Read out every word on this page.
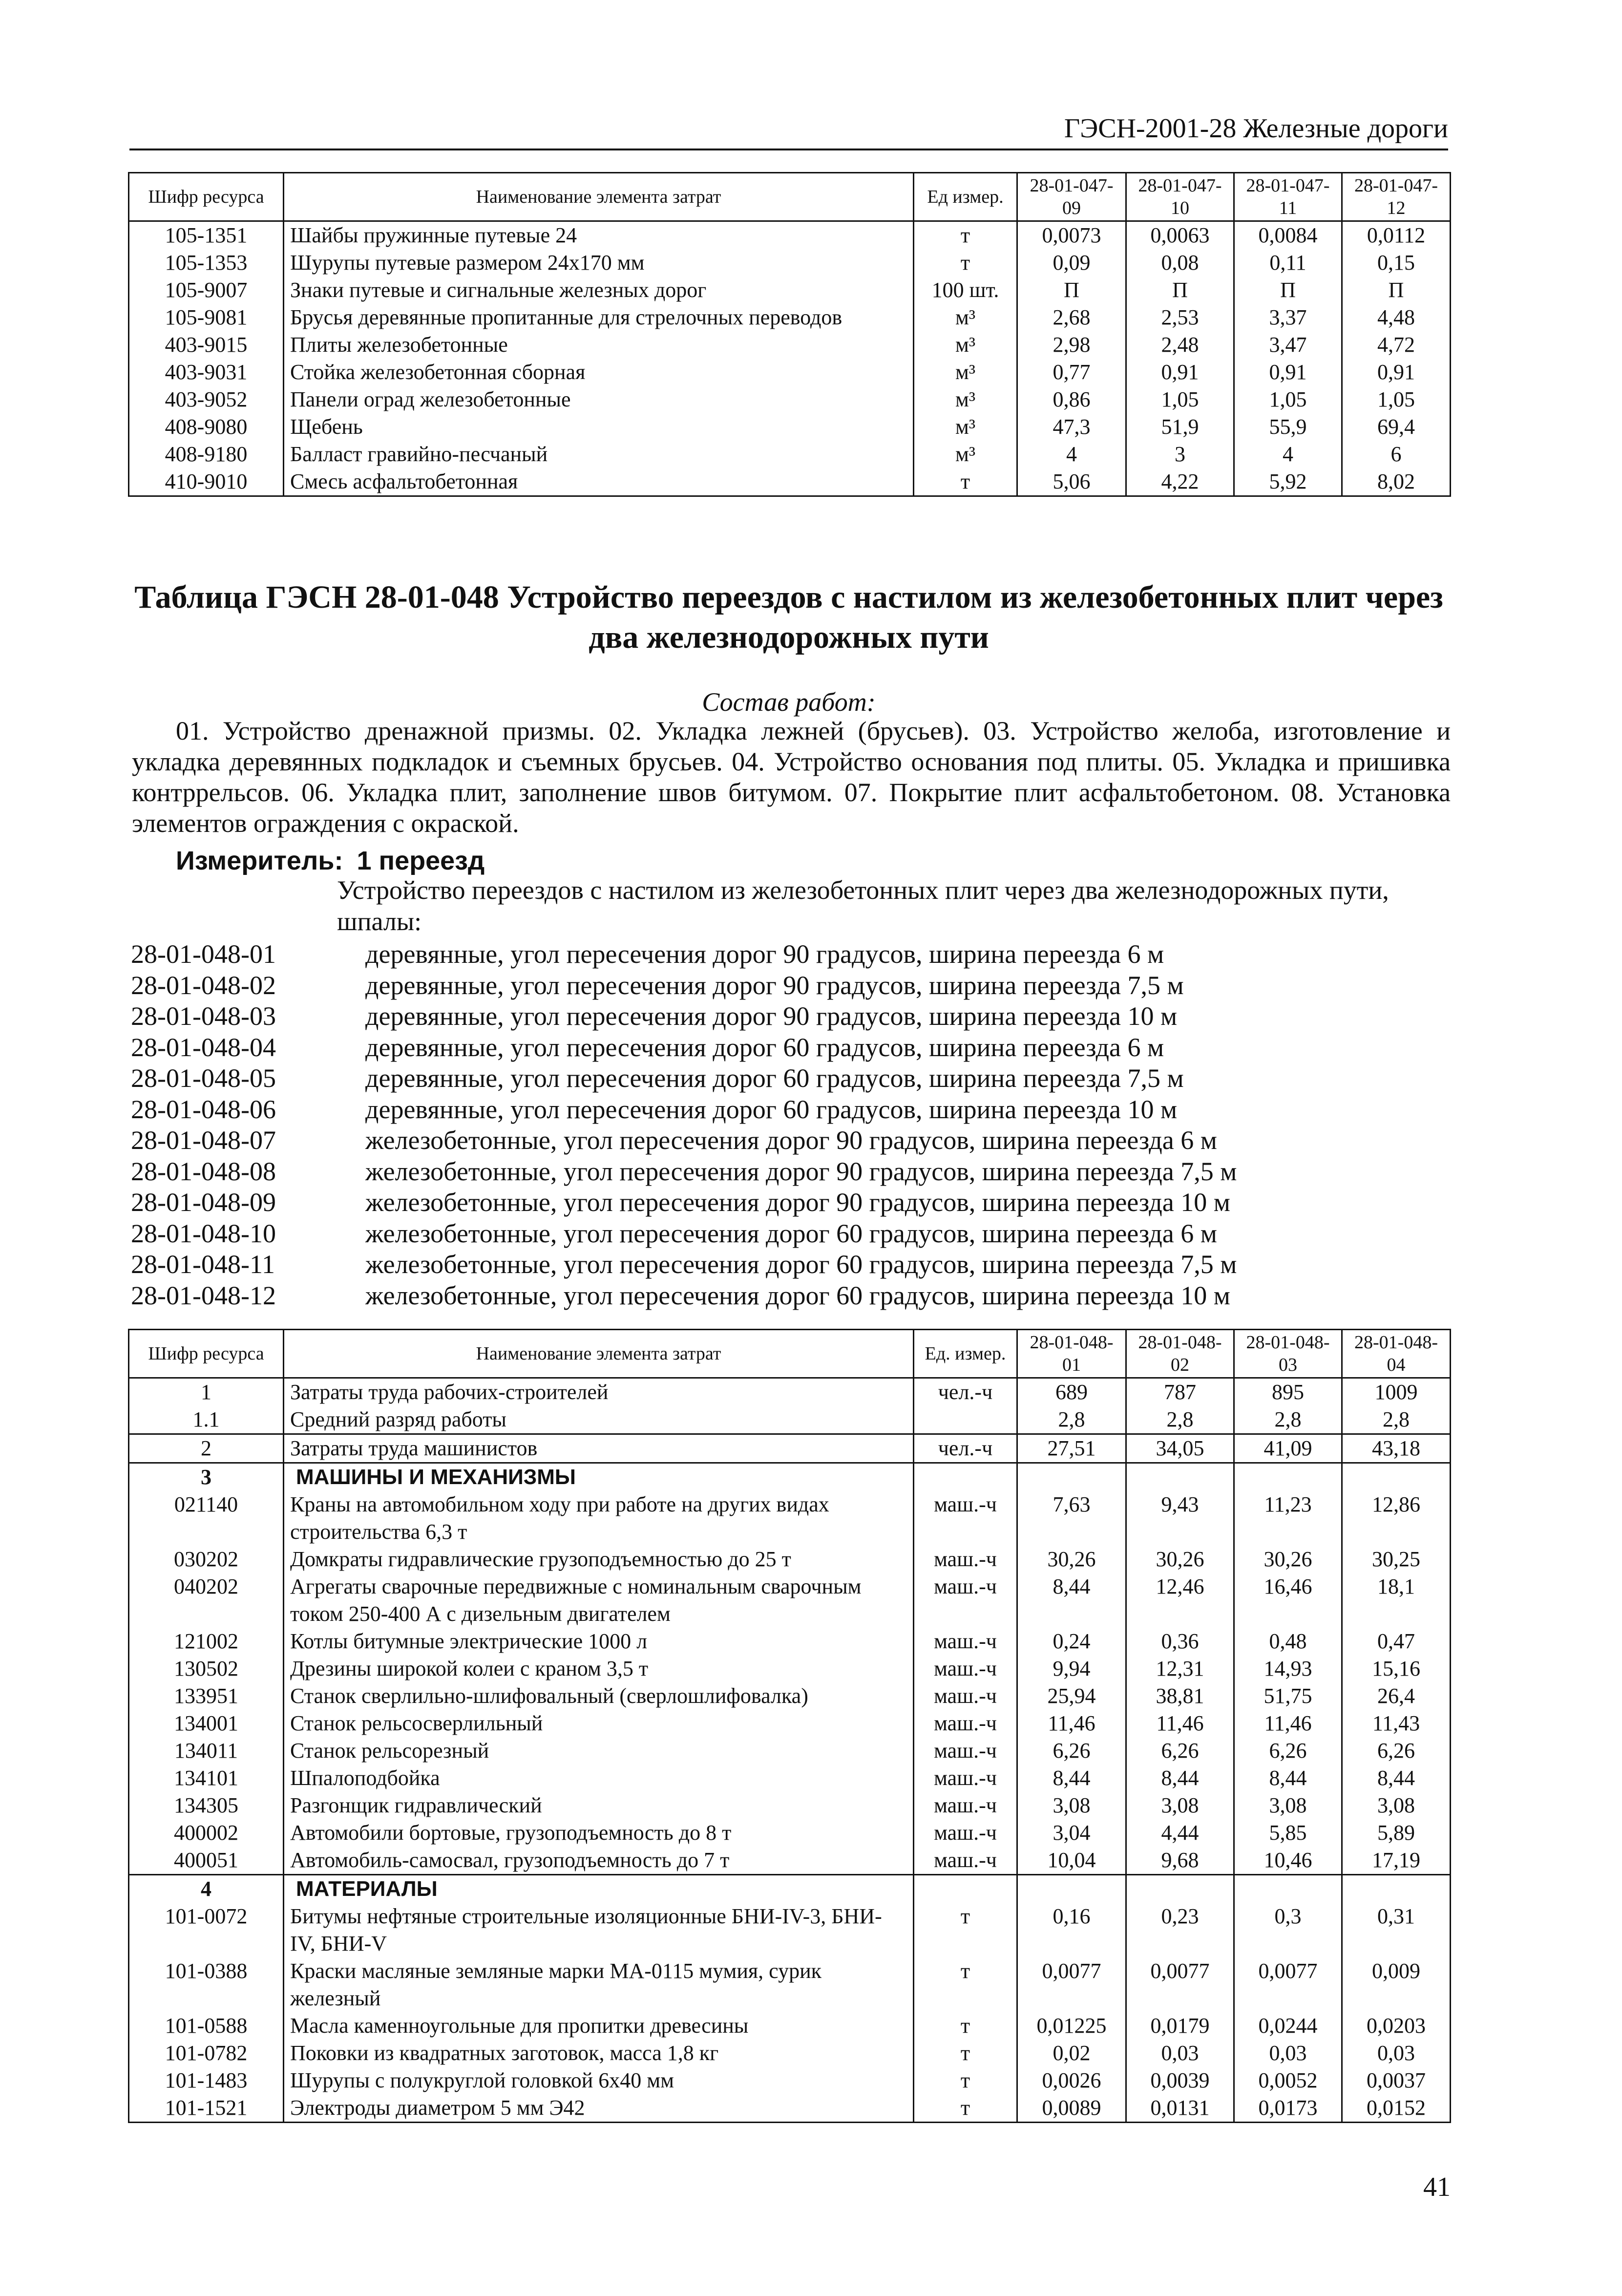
ГЭСН-2001-28 Железные дороги
Шифр ресурса	Наименование элемента затрат	Ед измер.	28-01-047-09	28-01-047-10	28-01-047-11	28-01-047-12
105-1351	Шайбы пружинные путевые 24	т	0,0073	0,0063	0,0084	0,0112
105-1353	Шурупы путевые размером 24х170 мм	т	0,09	0,08	0,11	0,15
105-9007	Знаки путевые и сигнальные железных дорог	100 шт.	П	П	П	П
105-9081	Брусья деревянные пропитанные для стрелочных переводов	м³	2,68	2,53	3,37	4,48
403-9015	Плиты железобетонные	м³	2,98	2,48	3,47	4,72
403-9031	Стойка железобетонная сборная	м³	0,77	0,91	0,91	0,91
403-9052	Панели оград железобетонные	м³	0,86	1,05	1,05	1,05
408-9080	Щебень	м³	47,3	51,9	55,9	69,4
408-9180	Балласт гравийно-песчаный	м³	4	3	4	6
410-9010	Смесь асфальтобетонная	т	5,06	4,22	5,92	8,02
Таблица ГЭСН 28-01-048 Устройство переездов с настилом из железобетонных плит через два железнодорожных пути
Состав работ:

01. Устройство дренажной призмы. 02. Укладка лежней (брусьев). 03. Устройство желоба, изготовление и укладка деревянных подкладок и съемных брусьев. 04. Устройство основания под плиты. 05. Укладка и пришивка контррельсов. 06. Укладка плит, заполнение швов битумом. 07. Покрытие плит асфальтобетоном. 08. Установка элементов ограждения с окраской.

Измеритель: 1 переезд

Устройство переездов с настилом из железобетонных плит через два железнодорожных пути, шпалы:

28-01-048-01	деревянные, угол пересечения дорог 90 градусов, ширина переезда 6 м
28-01-048-02	деревянные, угол пересечения дорог 90 градусов, ширина переезда 7,5 м
28-01-048-03	деревянные, угол пересечения дорог 90 градусов, ширина переезда 10 м
28-01-048-04	деревянные, угол пересечения дорог 60 градусов, ширина переезда 6 м
28-01-048-05	деревянные, угол пересечения дорог 60 градусов, ширина переезда 7,5 м
28-01-048-06	деревянные, угол пересечения дорог 60 градусов, ширина переезда 10 м
28-01-048-07	железобетонные, угол пересечения дорог 90 градусов, ширина переезда 6 м
28-01-048-08	железобетонные, угол пересечения дорог 90 градусов, ширина переезда 7,5 м
28-01-048-09	железобетонные, угол пересечения дорог 90 градусов, ширина переезда 10 м
28-01-048-10	железобетонные, угол пересечения дорог 60 градусов, ширина переезда 6 м
28-01-048-11	железобетонные, угол пересечения дорог 60 градусов, ширина переезда 7,5 м
28-01-048-12	железобетонные, угол пересечения дорог 60 градусов, ширина переезда 10 м
Шифр ресурса	Наименование элемента затрат	Ед. измер.	28-01-048-01	28-01-048-02	28-01-048-03	28-01-048-04
1	Затраты труда рабочих-строителей	чел.-ч	689	787	895	1009
1.1	Средний разряд работы		2,8	2,8	2,8	2,8
2	Затраты труда машинистов	чел.-ч	27,51	34,05	41,09	43,18
3	МАШИНЫ И МЕХАНИЗМЫ					
021140	Краны на автомобильном ходу при работе на других видах строительства 6,3 т	маш.-ч	7,63	9,43	11,23	12,86
030202	Домкраты гидравлические грузоподъемностью до 25 т	маш.-ч	30,26	30,26	30,26	30,25
040202	Агрегаты сварочные передвижные с номинальным сварочным током 250-400 А с дизельным двигателем	маш.-ч	8,44	12,46	16,46	18,1
121002	Котлы битумные электрические 1000 л	маш.-ч	0,24	0,36	0,48	0,47
130502	Дрезины широкой колеи с краном 3,5 т	маш.-ч	9,94	12,31	14,93	15,16
133951	Станок сверлильно-шлифовальный (сверлошлифовалка)	маш.-ч	25,94	38,81	51,75	26,4
134001	Станок рельсосверлильный	маш.-ч	11,46	11,46	11,46	11,43
134011	Станок рельсорезный	маш.-ч	6,26	6,26	6,26	6,26
134101	Шпалоподбойка	маш.-ч	8,44	8,44	8,44	8,44
134305	Разгонщик гидравлический	маш.-ч	3,08	3,08	3,08	3,08
400002	Автомобили бортовые, грузоподъемность до 8 т	маш.-ч	3,04	4,44	5,85	5,89
400051	Автомобиль-самосвал, грузоподъемность до 7 т	маш.-ч	10,04	9,68	10,46	17,19
4	МАТЕРИАЛЫ					
101-0072	Битумы нефтяные строительные изоляционные БНИ-IV-3, БНИ-IV, БНИ-V	т	0,16	0,23	0,3	0,31
101-0388	Краски масляные земляные марки МА-0115 мумия, сурик железный	т	0,0077	0,0077	0,0077	0,009
101-0588	Масла каменноугольные для пропитки древесины	т	0,01225	0,0179	0,0244	0,0203
101-0782	Поковки из квадратных заготовок, масса 1,8 кг	т	0,02	0,03	0,03	0,03
101-1483	Шурупы с полукруглой головкой 6х40 мм	т	0,0026	0,0039	0,0052	0,0037
101-1521	Электроды диаметром 5 мм Э42	т	0,0089	0,0131	0,0173	0,0152
41
